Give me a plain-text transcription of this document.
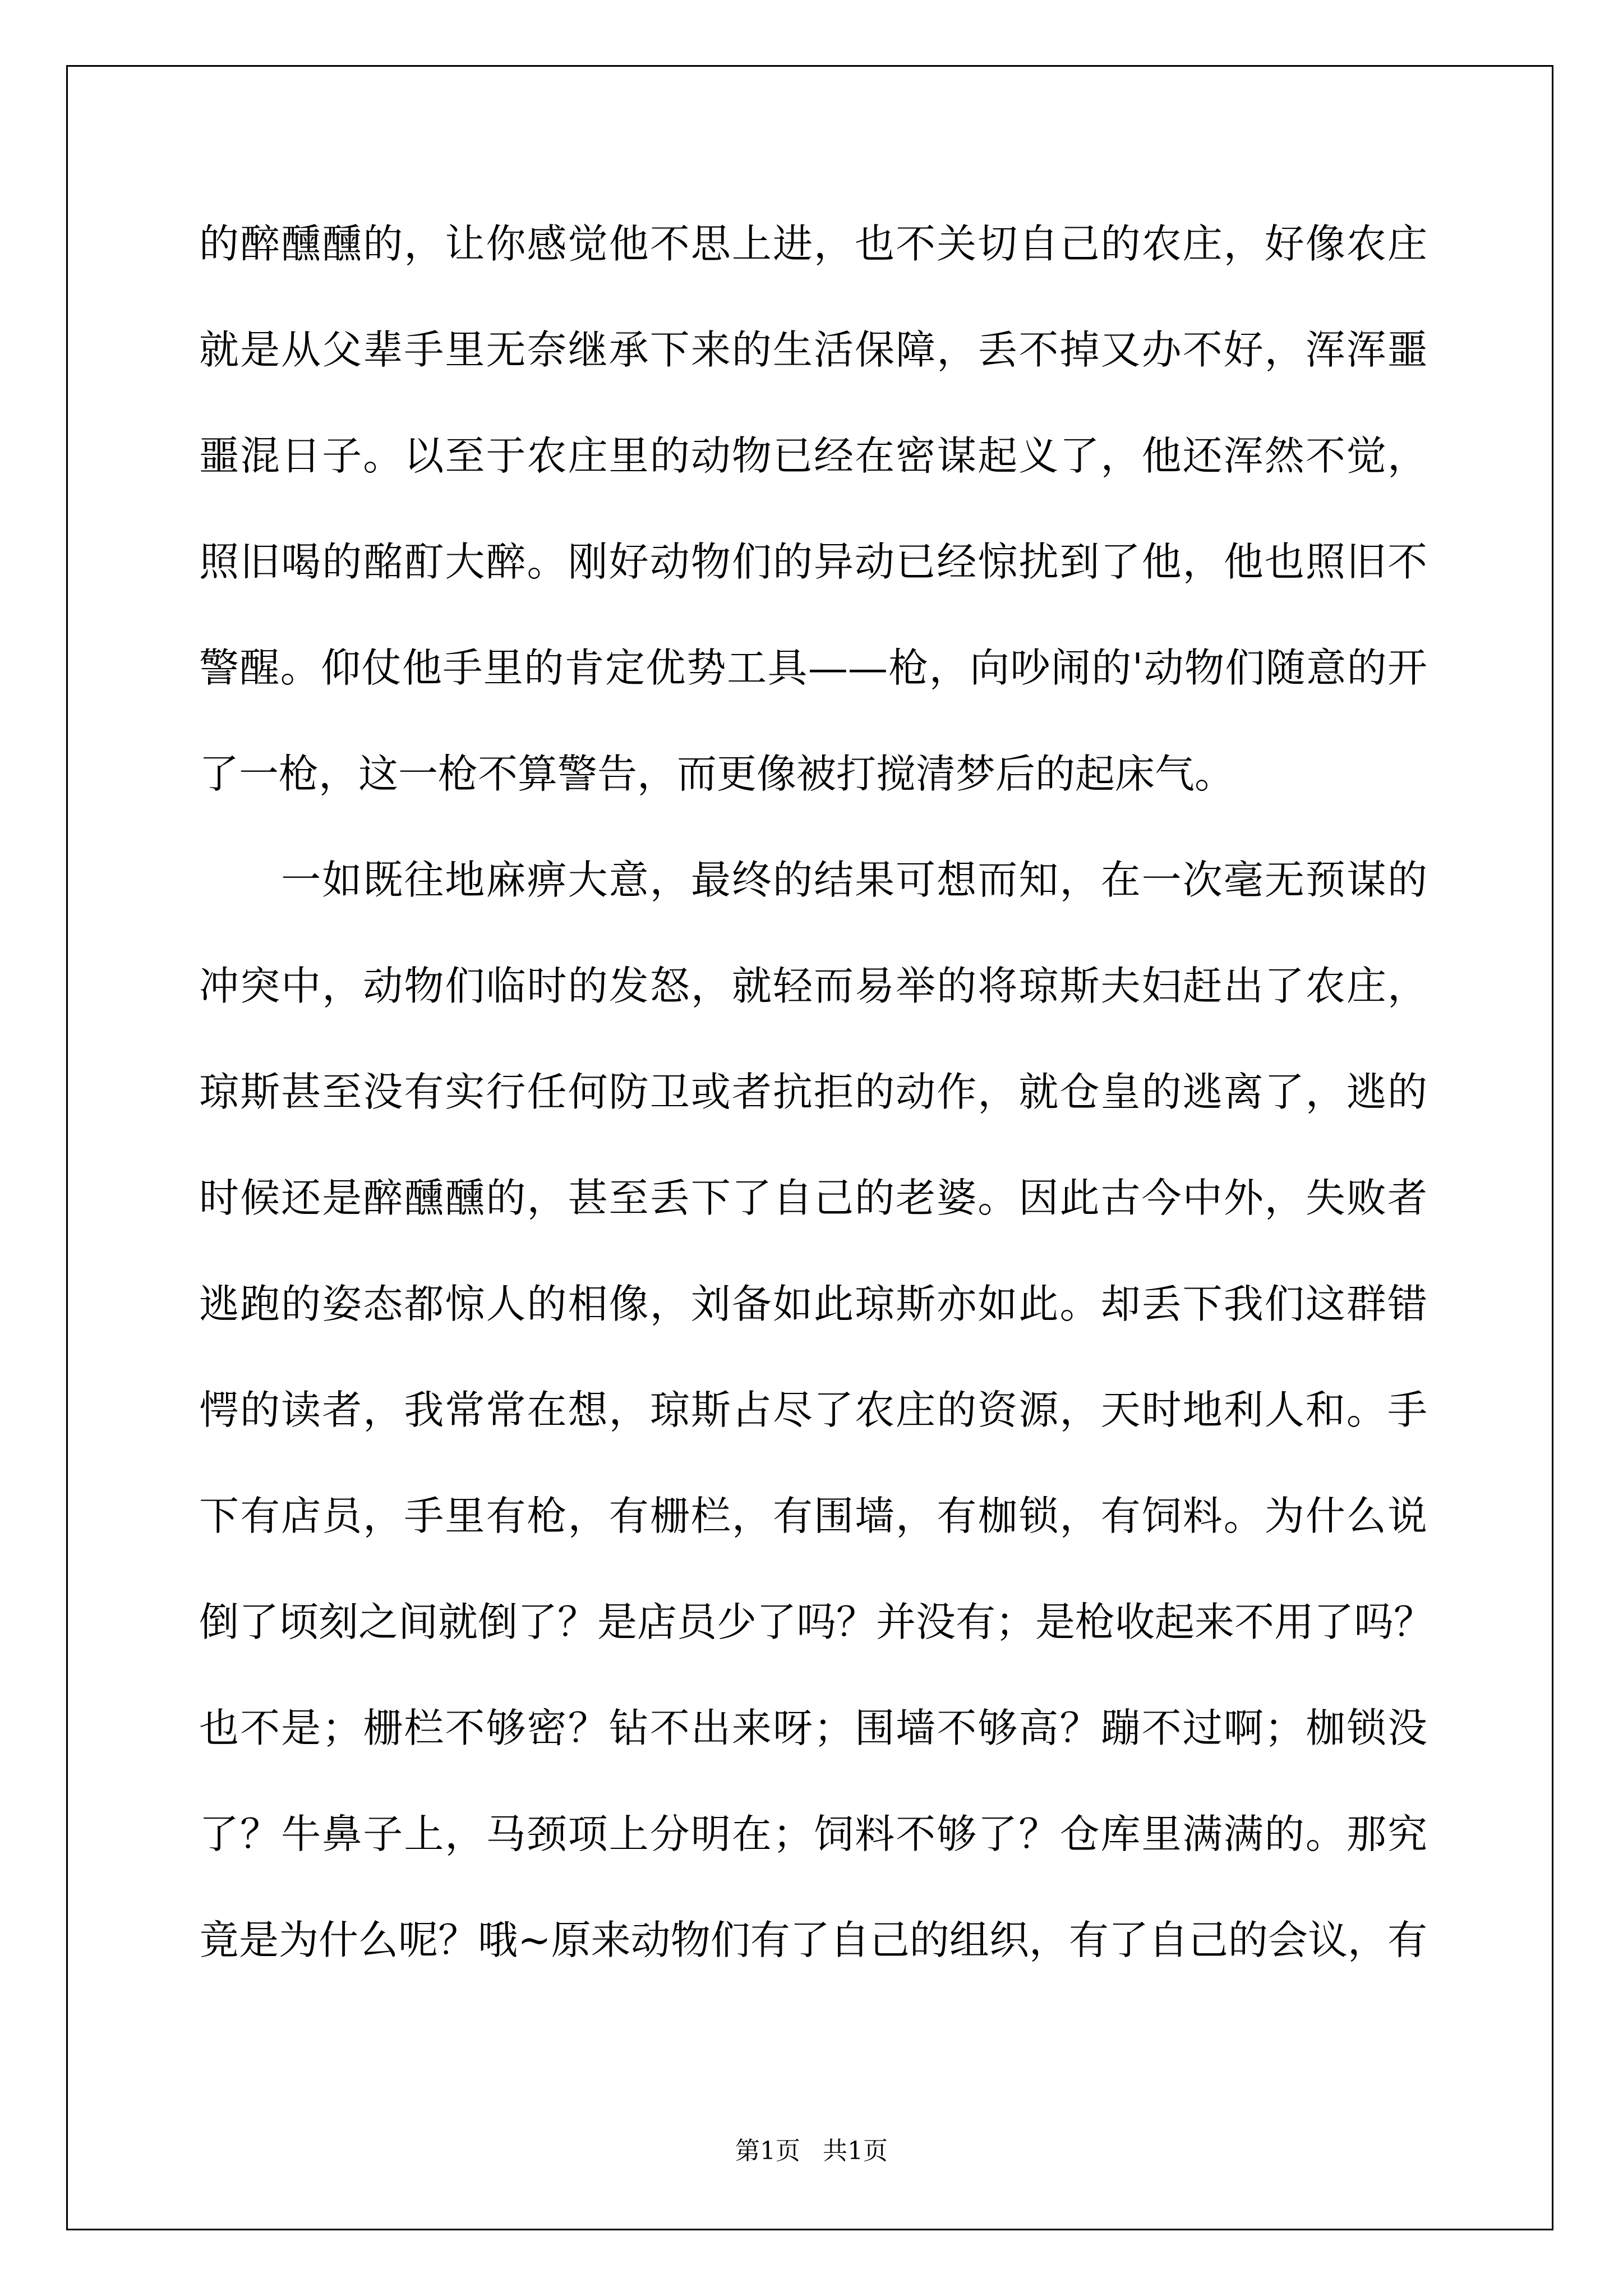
的醉醺醺的，让你感觉他不思上进，也不关切自己的农庄，好像农庄
就是从父辈手里无奈继承下来的生活保障，丢不掉又办不好，浑浑噩
噩混日子。以至于农庄里的动物已经在密谋起义了，他还浑然不觉，
照旧喝的酩酊大醉。刚好动物们的异动已经惊扰到了他，他也照旧不
警醒。仰仗他手里的肯定优势工具——枪，向吵闹的'动物们随意的开
了一枪，这一枪不算警告，而更像被打搅清梦后的起床气。
　　一如既往地麻痹大意，最终的结果可想而知，在一次毫无预谋的
冲突中，动物们临时的发怒，就轻而易举的将琼斯夫妇赶出了农庄，
琼斯甚至没有实行任何防卫或者抗拒的动作，就仓皇的逃离了，逃的
时候还是醉醺醺的，甚至丢下了自己的老婆。因此古今中外，失败者
逃跑的姿态都惊人的相像，刘备如此琼斯亦如此。却丢下我们这群错
愕的读者，我常常在想，琼斯占尽了农庄的资源，天时地利人和。手
下有店员，手里有枪，有栅栏，有围墙，有枷锁，有饲料。为什么说
倒了顷刻之间就倒了？是店员少了吗？并没有；是枪收起来不用了吗？
也不是；栅栏不够密？钻不出来呀；围墙不够高？蹦不过啊；枷锁没
了？牛鼻子上，马颈项上分明在；饲料不够了？仓库里满满的。那究
竟是为什么呢？哦~原来动物们有了自己的组织，有了自己的会议，有
第1页 共1页
